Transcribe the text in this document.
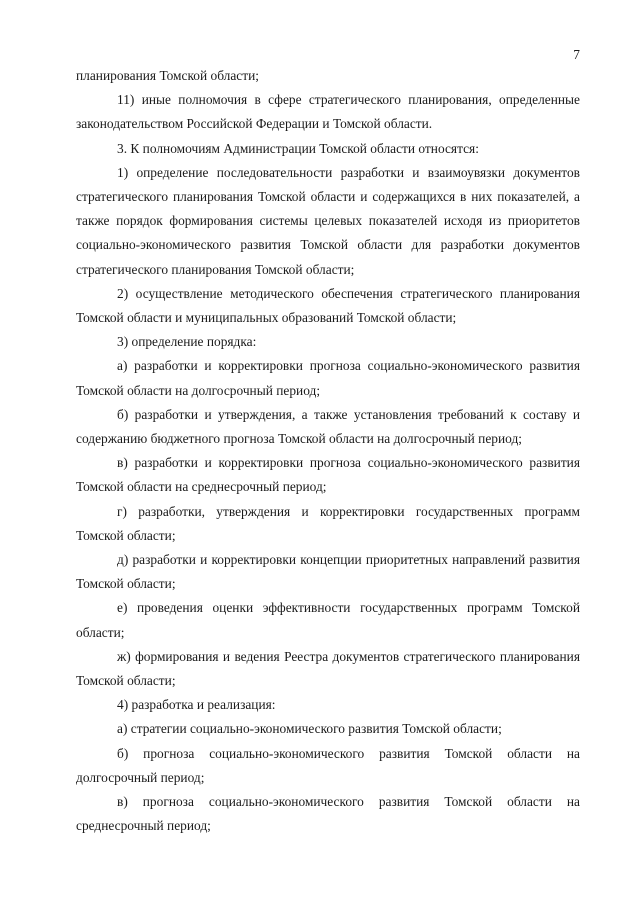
7

планирования Томской области;

11) иные полномочия в сфере стратегического планирования, определенные законодательством Российской Федерации и Томской области.

3. К полномочиям Администрации Томской области относятся:

1) определение последовательности разработки и взаимоувязки документов стратегического планирования Томской области и содержащихся в них показателей, а также порядок формирования системы целевых показателей исходя из приоритетов социально-экономического развития Томской области для разработки документов стратегического планирования Томской области;

2) осуществление методического обеспечения стратегического планирования Томской области и муниципальных образований Томской области;

3) определение порядка:

а) разработки и корректировки прогноза социально-экономического развития Томской области на долгосрочный период;

б) разработки и утверждения, а также установления требований к составу и содержанию бюджетного прогноза Томской области на долгосрочный период;

в) разработки и корректировки прогноза социально-экономического развития Томской области на среднесрочный период;

г) разработки, утверждения и корректировки государственных программ Томской области;

д) разработки и корректировки концепции приоритетных направлений развития Томской области;

е) проведения оценки эффективности государственных программ Томской области;

ж) формирования и ведения Реестра документов стратегического планирования Томской области;

4) разработка и реализация:

а) стратегии социально-экономического развития Томской области;

б) прогноза социально-экономического развития Томской области на долгосрочный период;

в) прогноза социально-экономического развития Томской области на среднесрочный период;
